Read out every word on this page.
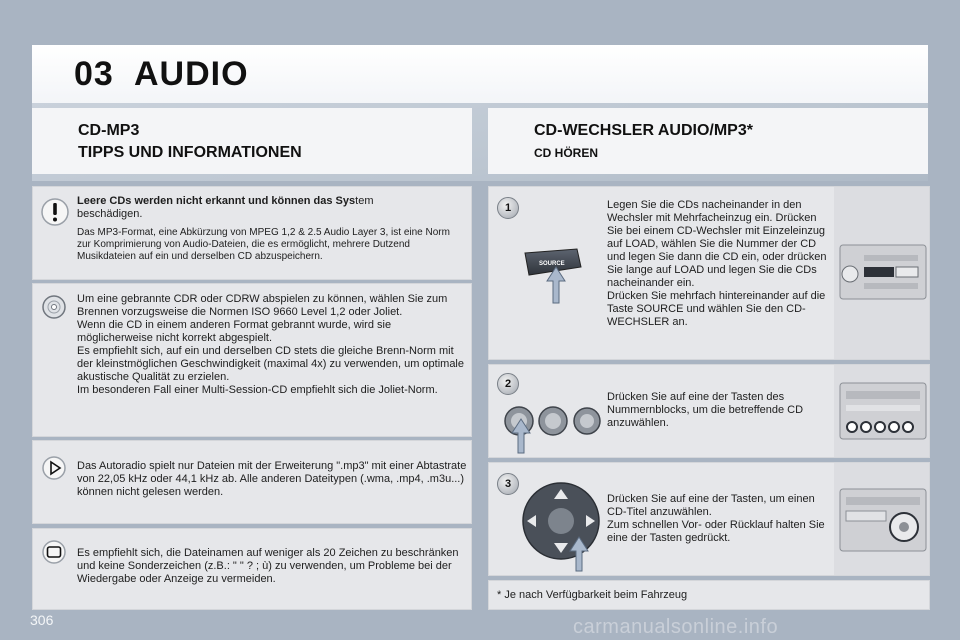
03 AUDIO
CD-MP3
TIPPS UND INFORMATIONEN
CD-WECHSLER AUDIO/MP3*
CD HÖREN
Leere CDs werden nicht erkannt und können das System
beschädigen.
Das MP3-Format, eine Abkürzung von MPEG 1,2 & 2.5 Audio Layer 3, ist eine Norm zur Komprimierung von Audio-Dateien, die es ermöglicht, mehrere Dutzend Musikdateien auf ein und derselben CD abzuspeichern.
Um eine gebrannte CDR oder CDRW abspielen zu können, wählen Sie zum Brennen vorzugsweise die Normen ISO 9660 Level 1,2 oder Joliet.
Wenn die CD in einem anderen Format gebrannt wurde, wird sie möglicherweise nicht korrekt abgespielt.
Es empfiehlt sich, auf ein und derselben CD stets die gleiche Brenn-Norm mit der kleinstmöglichen Geschwindigkeit (maximal 4x) zu verwenden, um optimale akustische Qualität zu erzielen.
Im besonderen Fall einer Multi-Session-CD empfiehlt sich die Joliet-Norm.
Das Autoradio spielt nur Dateien mit der Erweiterung ".mp3" mit einer Abtastrate von 22,05 kHz oder 44,1 kHz ab. Alle anderen Dateitypen (.wma, .mp4, .m3u...) können nicht gelesen werden.
Es empfiehlt sich, die Dateinamen auf weniger als 20 Zeichen zu beschränken und keine Sonderzeichen (z.B.: " " ? ; ù) zu verwenden, um Probleme bei der Wiedergabe oder Anzeige zu vermeiden.
1
SOURCE
Legen Sie die CDs nacheinander in den Wechsler mit Mehrfacheinzug ein. Drücken Sie bei einem CD-Wechsler mit Einzeleinzug auf LOAD, wählen Sie die Nummer der CD und legen Sie dann die CD ein, oder drücken Sie lange auf LOAD und legen Sie die CDs nacheinander ein.
Drücken Sie mehrfach hintereinander auf die Taste SOURCE und wählen Sie den CD-WECHSLER an.
2
Drücken Sie auf eine der Tasten des Nummernblocks, um die betreffende CD anzuwählen.
3
Drücken Sie auf eine der Tasten, um einen CD-Titel anzuwählen.
Zum schnellen Vor- oder Rücklauf halten Sie eine der Tasten gedrückt.
* Je nach Verfügbarkeit beim Fahrzeug
306	carmanualsonline.info
